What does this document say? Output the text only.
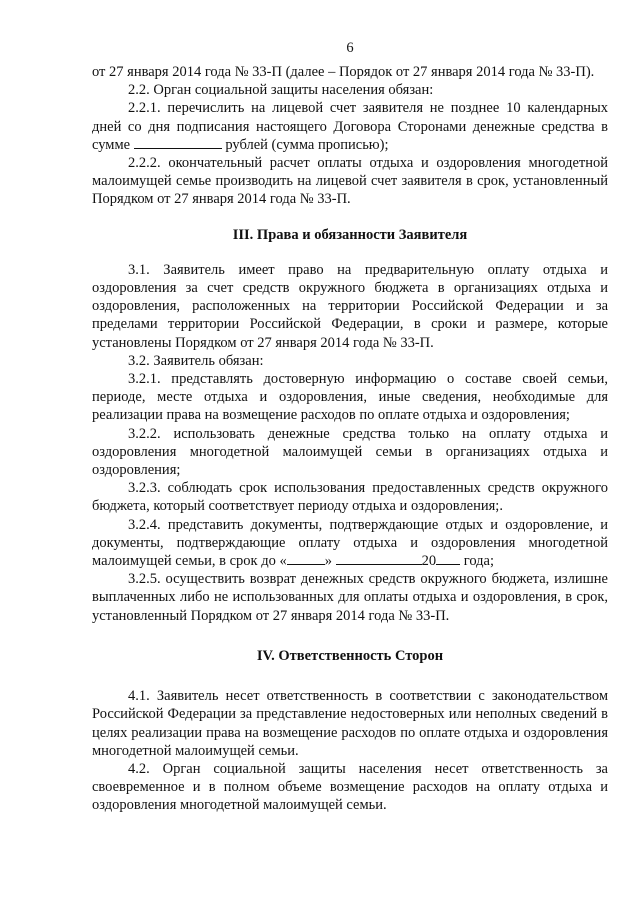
6

от 27 января 2014 года № 33-П (далее – Порядок от 27 января 2014 года № 33-П).

2.2. Орган социальной защиты населения обязан:

2.2.1. перечислить на лицевой счет заявителя не позднее 10 календарных дней со дня подписания настоящего Договора Сторонами денежные средства в сумме	рублей (сумма прописью);

2.2.2. окончательный расчет оплаты отдыха и оздоровления многодетной малоимущей семье производить на лицевой счет заявителя в срок, установленный Порядком от 27 января 2014 года № 33-П.

III. Права и обязанности Заявителя

3.1. Заявитель имеет право на предварительную оплату отдыха и оздоровления за счет средств окружного бюджета в организациях отдыха и оздоровления, расположенных на территории Российской Федерации и за пределами территории Российской Федерации, в сроки и размере, которые установлены Порядком от 27 января 2014 года № 33-П.

3.2. Заявитель обязан:

3.2.1. представлять достоверную информацию о составе своей семьи, периоде, месте отдыха и оздоровления, иные сведения, необходимые для реализации права на возмещение расходов по оплате отдыха и оздоровления;

3.2.2. использовать денежные средства только на оплату отдыха и оздоровления многодетной малоимущей семьи в организациях отдыха и оздоровления;

3.2.3. соблюдать срок использования предоставленных средств окружного бюджета, который соответствует периоду отдыха и оздоровления;.

3.2.4. представить документы, подтверждающие отдых и оздоровление, и документы, подтверждающие оплату отдыха и оздоровления многодетной малоимущей семьи, в срок до «	»	20 года;

3.2.5. осуществить возврат денежных средств окружного бюджета, излишне выплаченных либо не использованных для оплаты отдыха и оздоровления, в срок, установленный Порядком от 27 января 2014 года № 33-П.

IV. Ответственность Сторон

4.1. Заявитель несет ответственность в соответствии с законодательством Российской Федерации за представление недостоверных или неполных сведений в целях реализации права на возмещение расходов по оплате отдыха и оздоровления многодетной малоимущей семьи.

4.2. Орган социальной защиты населения несет ответственность за своевременное и в полном объеме возмещение расходов на оплату отдыха и оздоровления многодетной малоимущей семьи.
